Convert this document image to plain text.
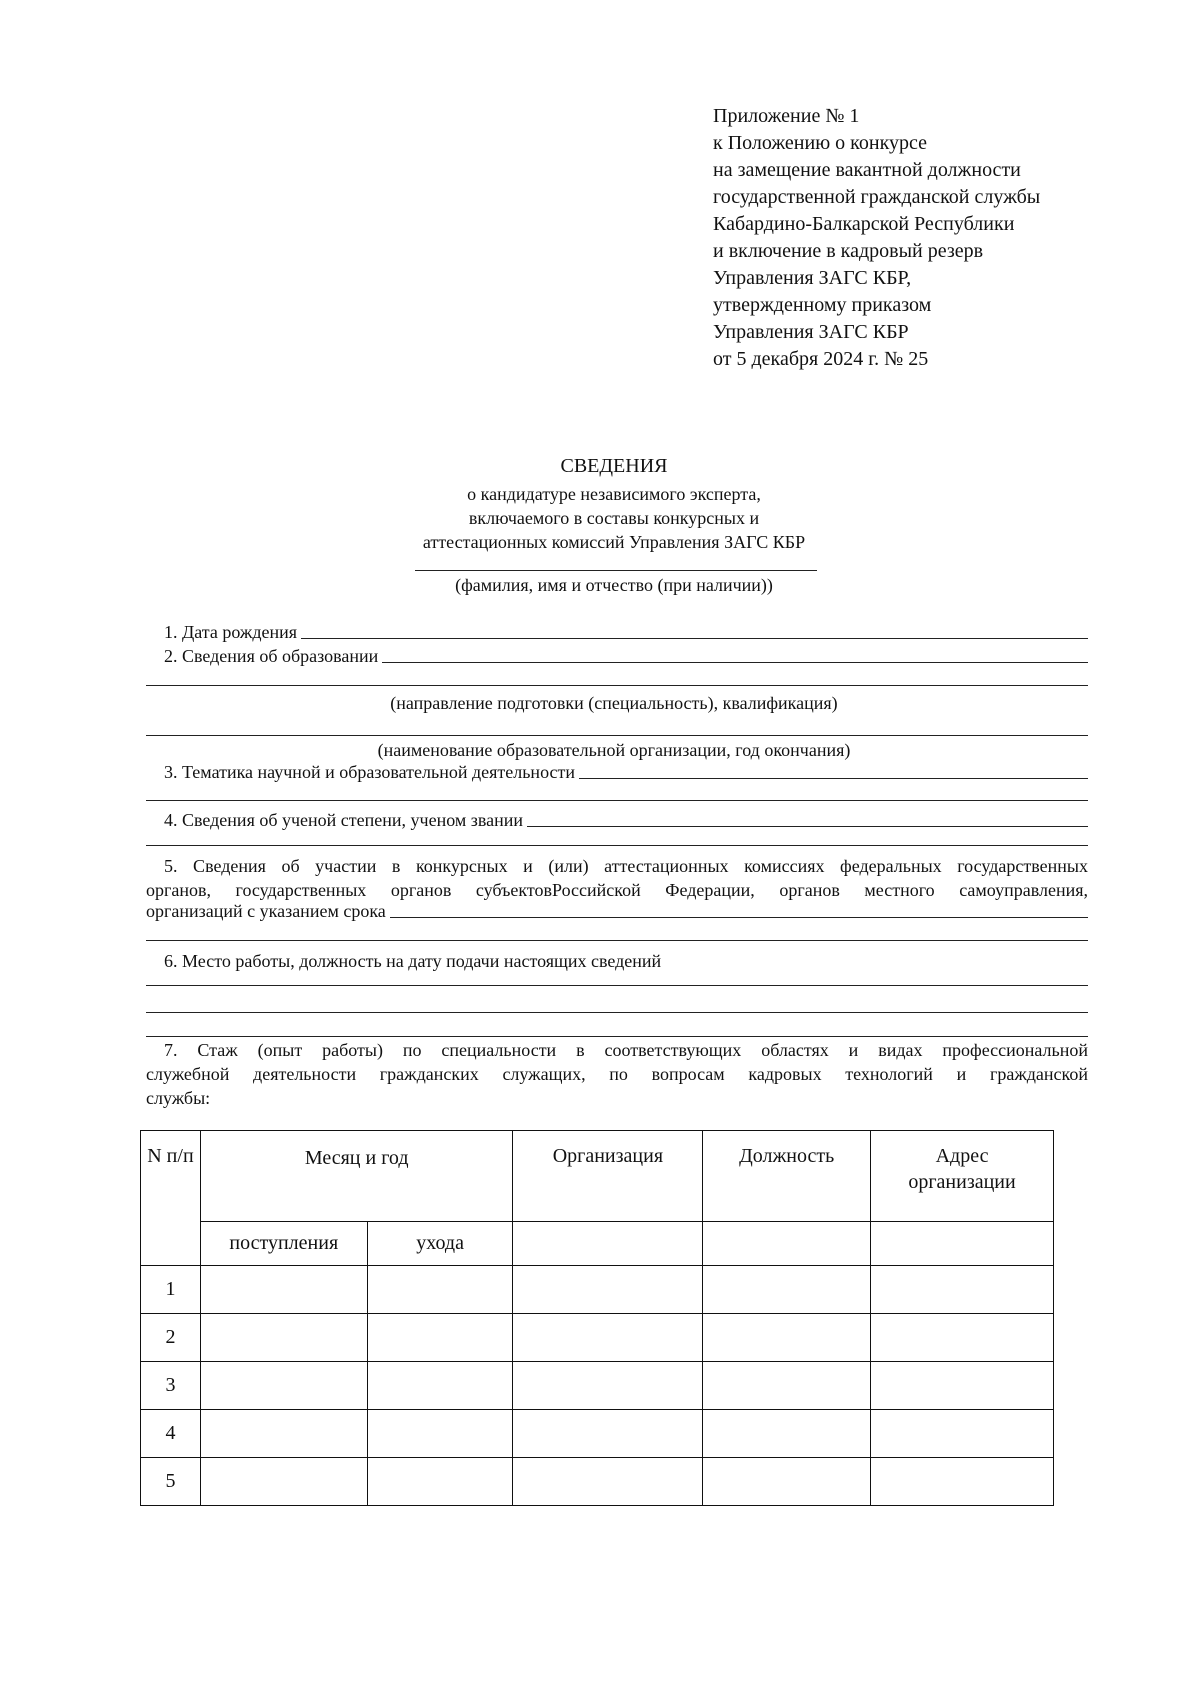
Приложение № 1
к Положению о конкурсе
на замещение вакантной должности
государственной гражданской службы
Кабардино-Балкарской Республики
и включение в кадровый резерв
Управления ЗАГС КБР,
утвержденному приказом
Управления ЗАГС КБР
от 5 декабря 2024 г. № 25
СВЕДЕНИЯ
о кандидатуре независимого эксперта,
включаемого в составы конкурсных и
аттестационных комиссий Управления ЗАГС КБР
(фамилия, имя и отчество (при наличии))
1. Дата рождения
2. Сведения об образовании
(направление подготовки (специальность), квалификация)
(наименование образовательной организации, год окончания)
3. Тематика научной и образовательной деятельности
4. Сведения об ученой степени, ученом звании
5. Сведения об участии в конкурсных и (или) аттестационных комиссиях федеральных государственных
органов, государственных органов субъектовРоссийской Федерации, органов местного самоуправления,
организаций с указанием срока
6. Место работы, должность на дату подачи настоящих сведений
7. Стаж (опыт работы) по специальности в соответствующих областях и видах профессиональной
служебной деятельности гражданских служащих, по вопросам кадровых технологий и гражданской
службы:
N п/п	Месяц и год		Организация	Должность	Адрес организации
	поступления	ухода			
1					
2					
3					
4					
5					
